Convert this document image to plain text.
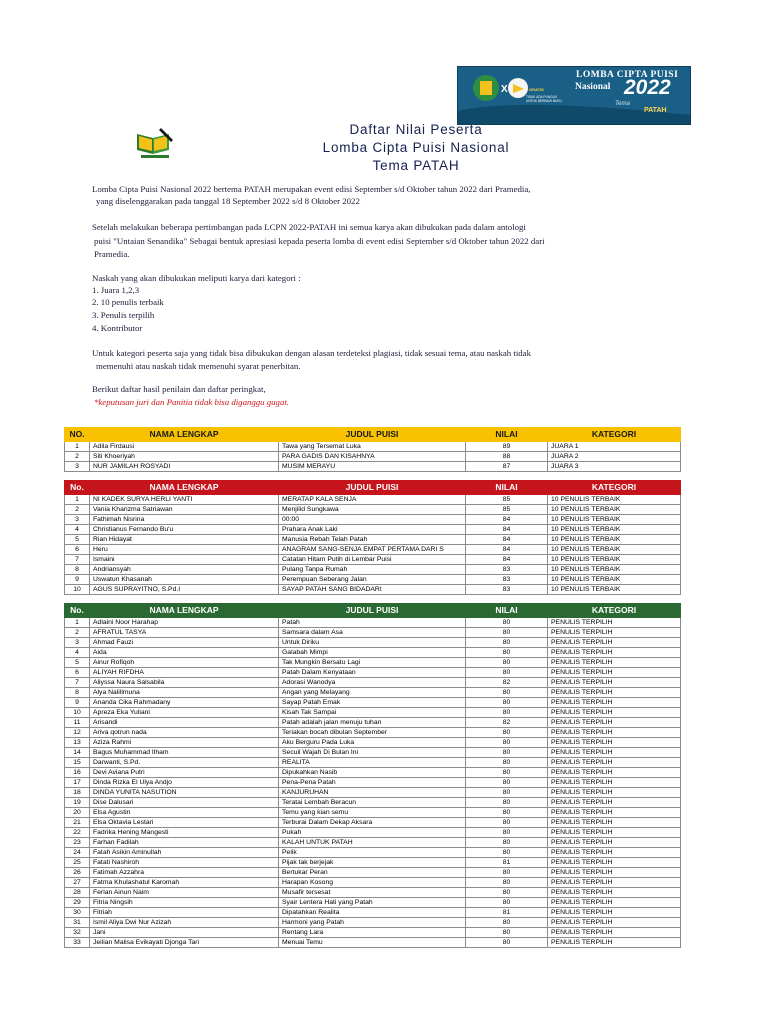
X	GRATIS
TIDAK ADA PUNGLIK UNTUK BERBAGI BUKU
LOMBA CIPTA PUISI
Nasional 2022
Tema
PATAH
Daftar Nilai Peserta
Lomba Cipta Puisi Nasional
Tema PATAH
Lomba Cipta Puisi Nasional 2022 bertema PATAH merupakan event edisi September s/d Oktober tahun 2022 dari Pramedia,
yang diselenggarakan pada tanggal 18 September 2022 s/d 8 Oktober 2022
Setelah melakukan beberapa pertimbangan pada LCPN 2022-PATAH ini semua karya akan dibukukan pada dalam antologi
puisi "Untaian Senandika" Sebagai bentuk apresiasi kepada peserta lomba di event edisi September s/d Oktober tahun 2022 dari
Pramedia.
Naskah yang akan dibukukan meliputi karya dari kategori :
1. Juara 1,2,3
2. 10 penulis terbaik
3. Penulis terpilih
4. Kontributor
Untuk kategori peserta saja yang tidak bisa dibukukan dengan alasan terdeteksi plagiasi, tidak sesuai tema, atau naskah tidak
memenuhi atau naskah tidak memenuhi syarat penerbitan.
Berikut daftar hasil penilain dan daftar peringkat,
*keputusan juri dan Panitia tidak bisa diganggu gugat.
NO.	NAMA LENGKAP	JUDUL PUISI	NILAI	KATEGORI
1	Adila Firdausi	Tawa yang Tersemat Luka	89	JUARA 1
2	Siti Khoeriyah	PARA GADIS DAN KISAHNYA	88	JUARA 2
3	NUR JAMILAH ROSYADI	MUSIM MERAYU	87	JUARA 3
No.	NAMA LENGKAP	JUDUL PUISI	NILAI	KATEGORI
1	NI KADEK SURYA HERLI YANTI	MERATAP KALA SENJA	85	10 PENULIS TERBAIK
2	Vania Kharizma Satriawan	Menjilid Sungkawa	85	10 PENULIS TERBAIK
3	Fathimah Nisrina	00:00	84	10 PENULIS TERBAIK
4	Christianus Fernando Bu'u	Prahara Anak Laki	84	10 PENULIS TERBAIK
5	Rian Hidayat	Manusia Rebah Telah Patah	84	10 PENULIS TERBAIK
6	Heru	ANAGRAM SANG-SENJA EMPAT PERTAMA DARI S	84	10 PENULIS TERBAIK
7	Ismaini	Catatan Hitam Putih di Lembar Puisi	84	10 PENULIS TERBAIK
8	Andriansyah	Pulang Tanpa Rumah	83	10 PENULIS TERBAIK
9	Uswatun Khasanah	Perempuan Seberang Jalan	83	10 PENULIS TERBAIK
10	AGUS SUPRAYITNO, S.Pd.I	SAYAP PATAH SANG BIDADARI	83	10 PENULIS TERBAIK
No.	NAMA LENGKAP	JUDUL PUISI	NILAI	KATEGORI
1	Adlaini Noor Harahap	Patah	80	PENULIS TERPILIH
2	AFRATUL TASYA	Samsara dalam Asa	80	PENULIS TERPILIH
3	Ahmad Fauzi	Untuk Diriku	80	PENULIS TERPILIH
4	Aida	Galabah Mimpi	80	PENULIS TERPILIH
5	Ainur Rofiqoh	Tak Mungkin Bersatu Lagi	80	PENULIS TERPILIH
6	ALIYAH RIFDHA	Patah Dalam Kenyataan	80	PENULIS TERPILIH
7	Aliyssa Naura Salsabila	Adorasi Wanodya	82	PENULIS TERPILIH
8	Alya Nalillmuna	Angan yang Melayang	80	PENULIS TERPILIH
9	Ananda Cika Rahmadany	Sayap Patah Emak	80	PENULIS TERPILIH
10	Apreza Eka Yuliani	Kisah Tak Sampai	80	PENULIS TERPILIH
11	Arisandi	Patah adalah jalan menuju tuhan	82	PENULIS TERPILIH
12	Ariva qotrun nada	Teriakan bocah dibulan September	80	PENULIS TERPILIH
13	Aziza Rahmi	Aku Berguru Pada Luka	80	PENULIS TERPILIH
14	Bagus Muhammad Ilham	Secuil Wajah Di Bulan Ini	80	PENULIS TERPILIH
15	Darwanti, S.Pd.	REALITA	80	PENULIS TERPILIH
16	Devi Aviana Putri	Dipukahkan Nasib	80	PENULIS TERPILIH
17	Dinda Rizka El Ulya Andjo	Pena-Pena Patah	80	PENULIS TERPILIH
18	DINDA YUNITA NASUTION	KANJURUHAN	80	PENULIS TERPILIH
19	Dise Dalusari	Teratai Lembah Beracun	80	PENULIS TERPILIH
20	Elsa Agustin	Temu yang kian semu	80	PENULIS TERPILIH
21	Elsa Oktavia Lestari	Terburai Dalam Dekap Aksara	80	PENULIS TERPILIH
22	Fadrika Hening Mangesti	Pukah	80	PENULIS TERPILIH
23	Farhan Fadilah	KALAH UNTUK PATAH	80	PENULIS TERPILIH
24	Fatah Asikin Aminullah	Pelik	80	PENULIS TERPILIH
25	Fatati Nashiroh	Pijak tak berjejak	81	PENULIS TERPILIH
26	Fatimah Azzahra	Bertukar Peran	80	PENULIS TERPILIH
27	Fatma Khulashatul Karomah	Harapan Kosong	80	PENULIS TERPILIH
28	Ferlan Ainun Naim	Musafir tersesat	80	PENULIS TERPILIH
29	Fitria Ningsih	Syair Lentera Hati yang Patah	80	PENULIS TERPILIH
30	Fitriah	Dipatahkan Realita	81	PENULIS TERPILIH
31	Ismil Aliya Dwi Nur Azizah	Harmoni yang Patah	80	PENULIS TERPILIH
32	Jani	Rentang Lara	80	PENULIS TERPILIH
33	Jeilian Malisa Evikayati Djonga Tari	Menuai Temu	80	PENULIS TERPILIH
